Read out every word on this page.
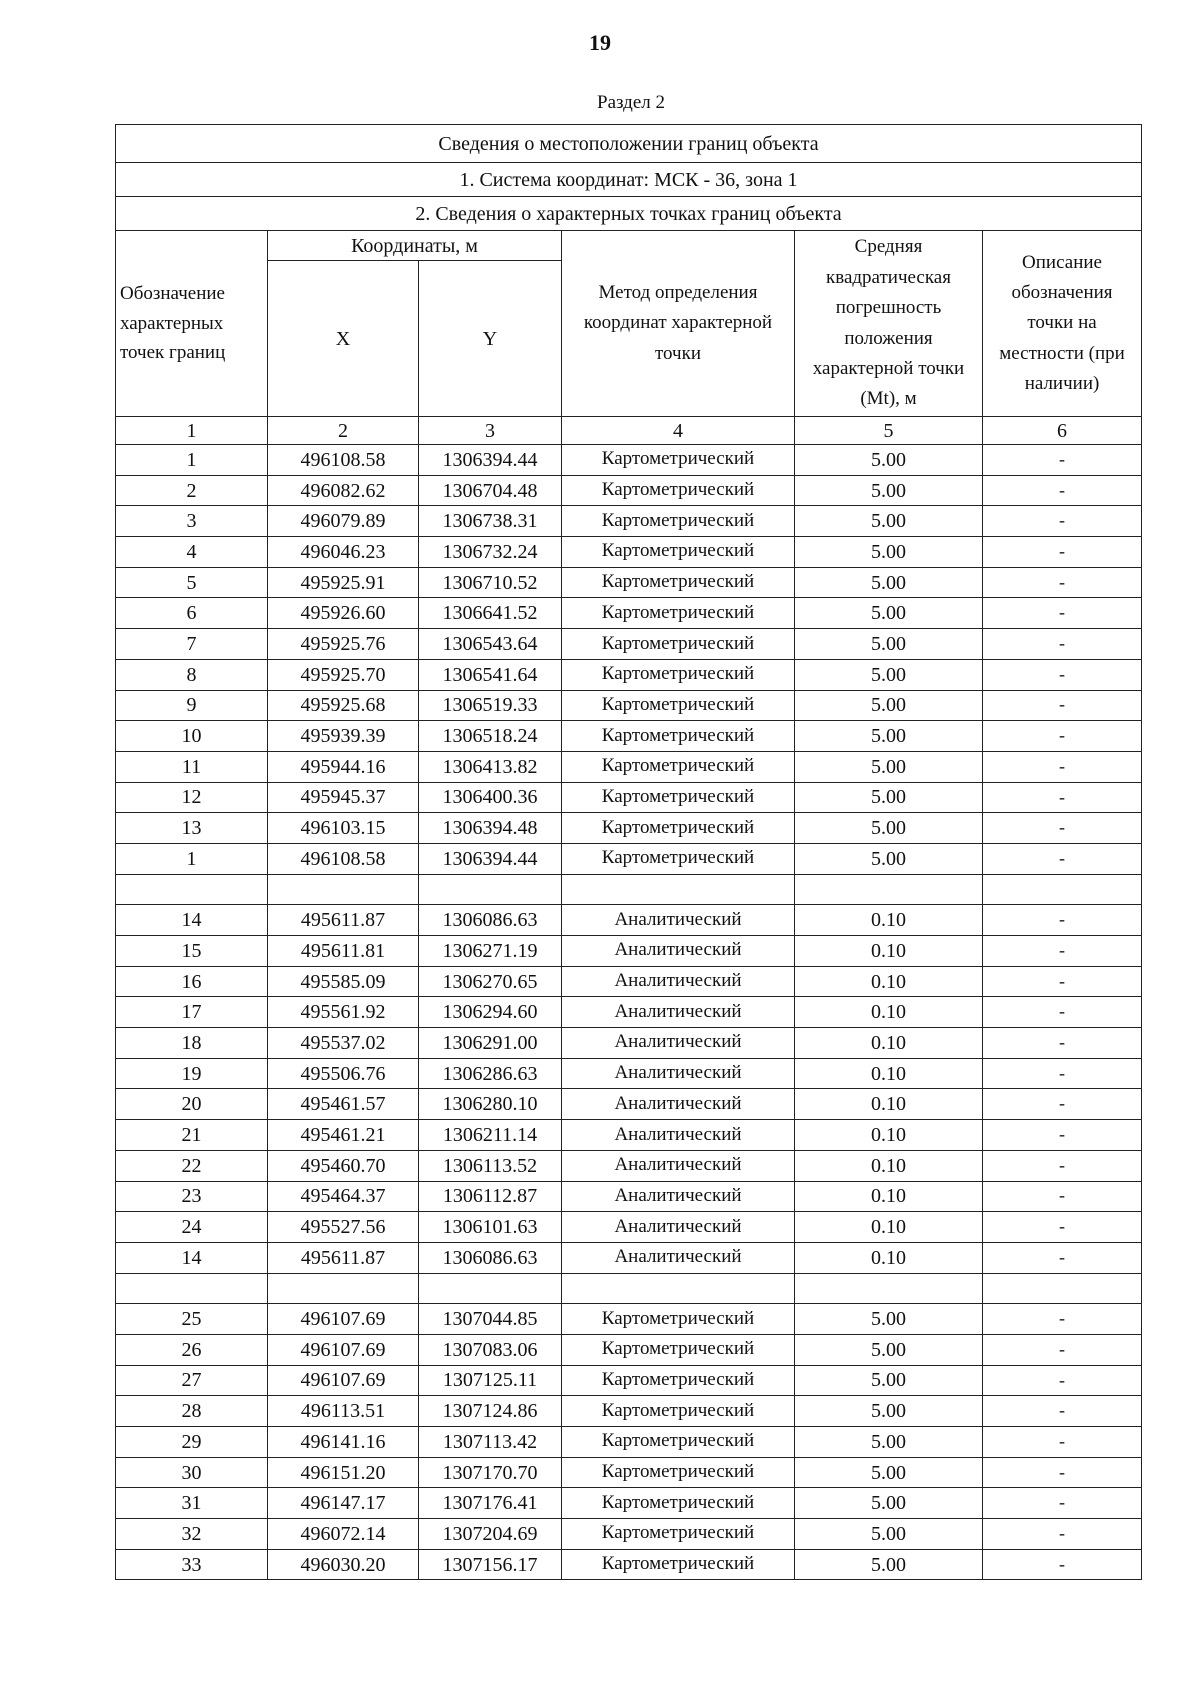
19
Раздел 2
Сведения о местоположении границ объекта					
1. Система координат: МСК - 36, зона 1					
2. Сведения о характерных точках границ объекта					
Обозначение характерных точек границ	Координаты, м		Метод определения координат характерной точки	Средняя квадратическая погрешность положения характерной точки (Mt), м	Описание обозначения точки на местности (при наличии)
	X	Y			
1	2	3	4	5	6
1	496108.58	1306394.44	Картометрический	5.00	-
2	496082.62	1306704.48	Картометрический	5.00	-
3	496079.89	1306738.31	Картометрический	5.00	-
4	496046.23	1306732.24	Картометрический	5.00	-
5	495925.91	1306710.52	Картометрический	5.00	-
6	495926.60	1306641.52	Картометрический	5.00	-
7	495925.76	1306543.64	Картометрический	5.00	-
8	495925.70	1306541.64	Картометрический	5.00	-
9	495925.68	1306519.33	Картометрический	5.00	-
10	495939.39	1306518.24	Картометрический	5.00	-
11	495944.16	1306413.82	Картометрический	5.00	-
12	495945.37	1306400.36	Картометрический	5.00	-
13	496103.15	1306394.48	Картометрический	5.00	-
1	496108.58	1306394.44	Картометрический	5.00	-

14	495611.87	1306086.63	Аналитический	0.10	-
15	495611.81	1306271.19	Аналитический	0.10	-
16	495585.09	1306270.65	Аналитический	0.10	-
17	495561.92	1306294.60	Аналитический	0.10	-
18	495537.02	1306291.00	Аналитический	0.10	-
19	495506.76	1306286.63	Аналитический	0.10	-
20	495461.57	1306280.10	Аналитический	0.10	-
21	495461.21	1306211.14	Аналитический	0.10	-
22	495460.70	1306113.52	Аналитический	0.10	-
23	495464.37	1306112.87	Аналитический	0.10	-
24	495527.56	1306101.63	Аналитический	0.10	-
14	495611.87	1306086.63	Аналитический	0.10	-

25	496107.69	1307044.85	Картометрический	5.00	-
26	496107.69	1307083.06	Картометрический	5.00	-
27	496107.69	1307125.11	Картометрический	5.00	-
28	496113.51	1307124.86	Картометрический	5.00	-
29	496141.16	1307113.42	Картометрический	5.00	-
30	496151.20	1307170.70	Картометрический	5.00	-
31	496147.17	1307176.41	Картометрический	5.00	-
32	496072.14	1307204.69	Картометрический	5.00	-
33	496030.20	1307156.17	Картометрический	5.00	-
